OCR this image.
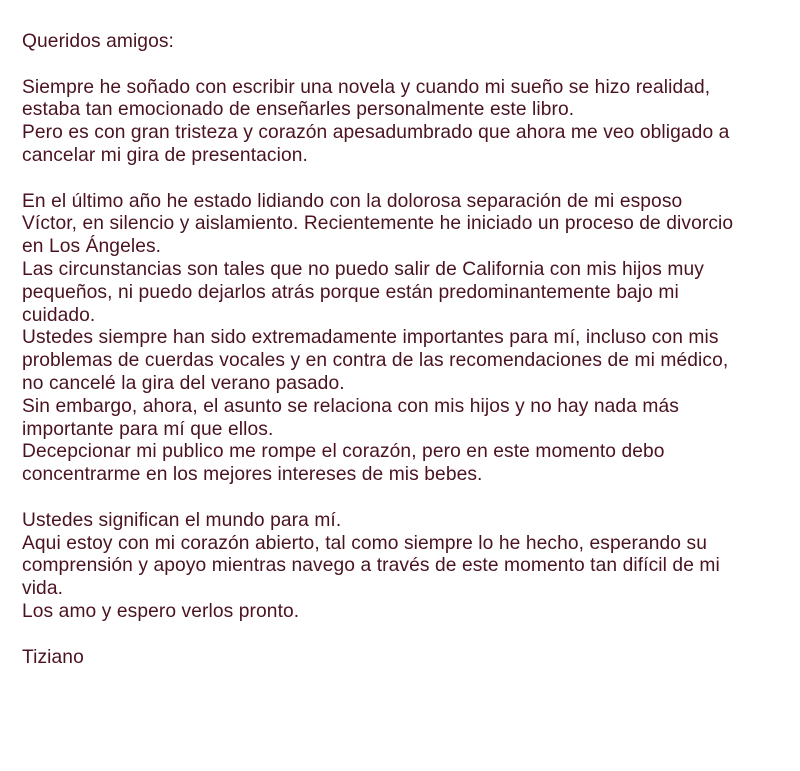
Queridos amigos:
Siempre he soñado con escribir una novela y cuando mi sueño se hizo realidad,
estaba tan emocionado de enseñarles personalmente este libro.
Pero es con gran tristeza y corazón apesadumbrado que ahora me veo obligado a
cancelar mi gira de presentacion.
En el último año he estado lidiando con la dolorosa separación de mi esposo
Víctor, en silencio y aislamiento. Recientemente he iniciado un proceso de divorcio
en Los Ángeles.
Las circunstancias son tales que no puedo salir de California con mis hijos muy
pequeños, ni puedo dejarlos atrás porque están predominantemente bajo mi
cuidado.
Ustedes siempre han sido extremadamente importantes para mí, incluso con mis
problemas de cuerdas vocales y en contra de las recomendaciones de mi médico,
no cancelé la gira del verano pasado.
Sin embargo, ahora, el asunto se relaciona con mis hijos y no hay nada más
importante para mí que ellos.
Decepcionar mi publico me rompe el corazón, pero en este momento debo
concentrarme en los mejores intereses de mis bebes.
Ustedes significan el mundo para mí.
Aqui estoy con mi corazón abierto, tal como siempre lo he hecho, esperando su
comprensión y apoyo mientras navego a través de este momento tan difícil de mi
vida.
Los amo y espero verlos pronto.
Tiziano
